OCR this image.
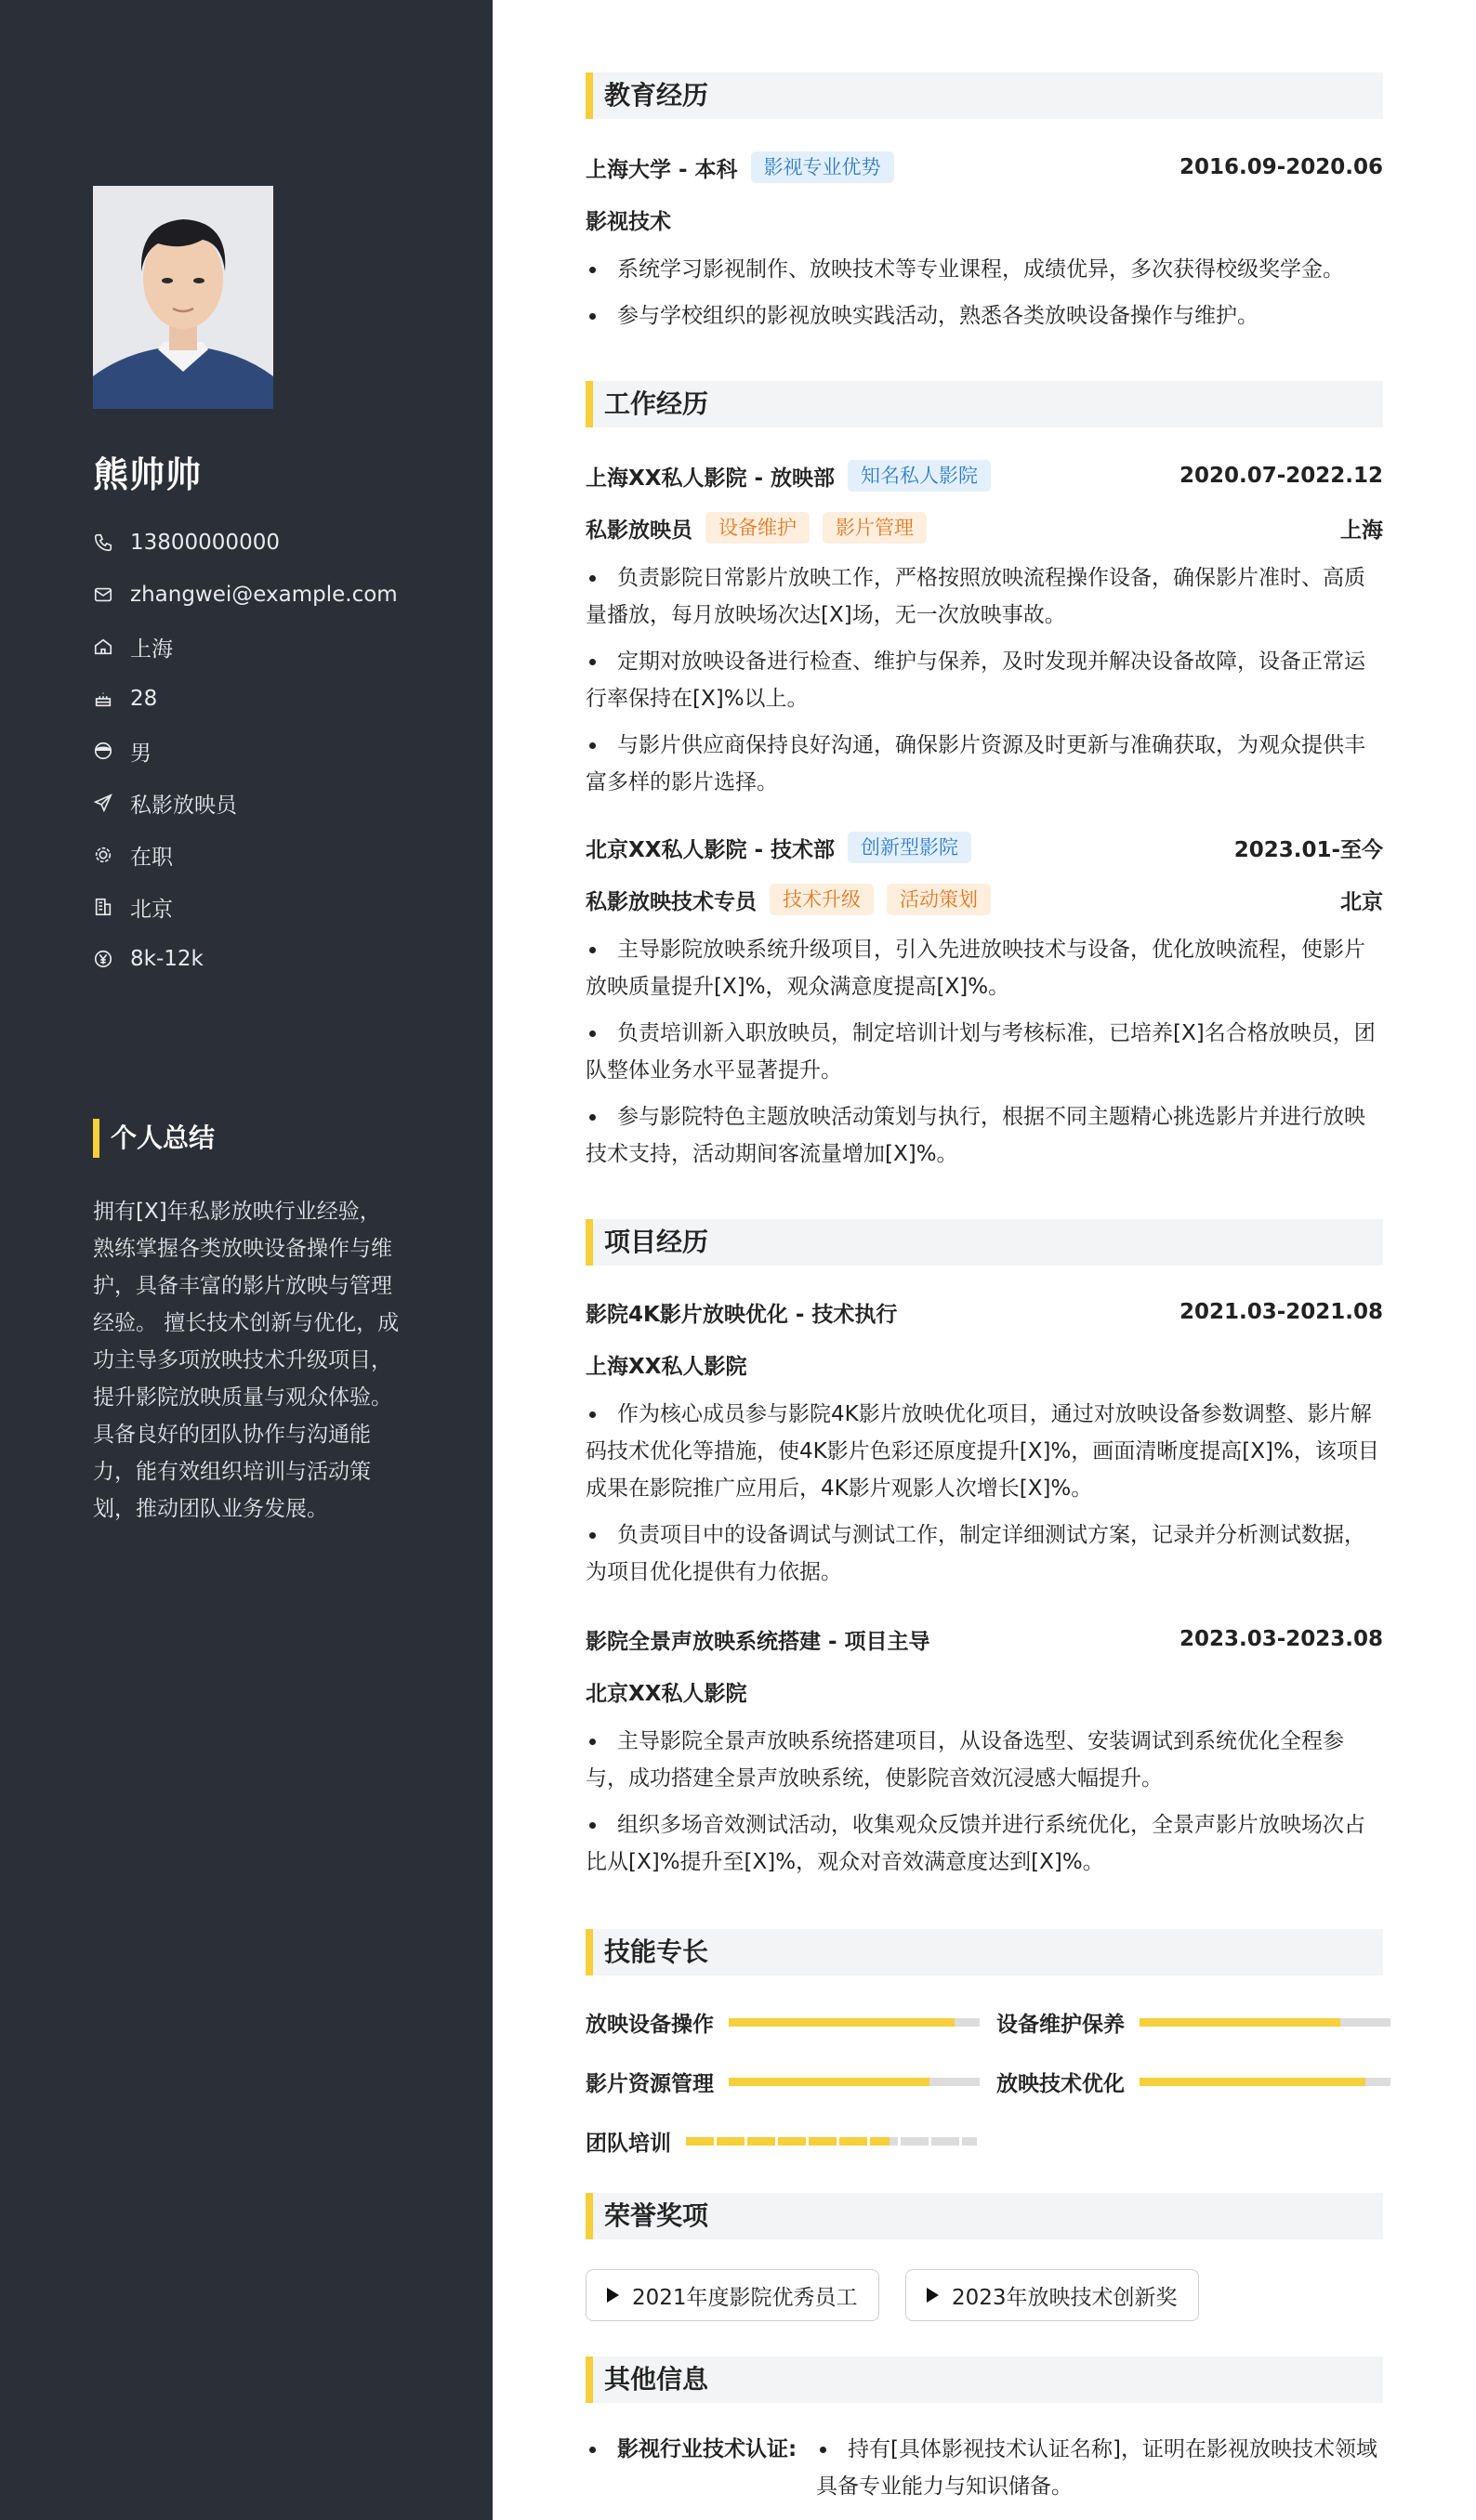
熊帅帅
13800000000
zhangwei@example.com
上海
28
男
私影放映员
在职
北京
8k-12k
个人总结
拥有[X]年私影放映行业经验，熟练掌握各类放映设备操作与维护，具备丰富的影片放映与管理经验。 擅长技术创新与优化，成功主导多项放映技术升级项目，提升影院放映质量与观众体验。 具备良好的团队协作与沟通能力，能有效组织培训与活动策划，推动团队业务发展。
教育经历
上海大学 - 本科	影视专业优势	2016.09-2020.06
影视技术
系统学习影视制作、放映技术等专业课程，成绩优异，多次获得校级奖学金。
参与学校组织的影视放映实践活动，熟悉各类放映设备操作与维护。
工作经历
上海XX私人影院 - 放映部	知名私人影院	2020.07-2022.12
私影放映员	设备维护	影片管理	上海
负责影院日常影片放映工作，严格按照放映流程操作设备，确保影片准时、高质量播放，每月放映场次达[X]场，无一次放映事故。
定期对放映设备进行检查、维护与保养，及时发现并解决设备故障，设备正常运行率保持在[X]%以上。
与影片供应商保持良好沟通，确保影片资源及时更新与准确获取，为观众提供丰富多样的影片选择。
北京XX私人影院 - 技术部	创新型影院	2023.01-至今
私影放映技术专员	技术升级	活动策划	北京
主导影院放映系统升级项目，引入先进放映技术与设备，优化放映流程，使影片放映质量提升[X]%，观众满意度提高[X]%。
负责培训新入职放映员，制定培训计划与考核标准，已培养[X]名合格放映员，团队整体业务水平显著提升。
参与影院特色主题放映活动策划与执行，根据不同主题精心挑选影片并进行放映技术支持，活动期间客流量增加[X]%。
项目经历
影院4K影片放映优化 - 技术执行	2021.03-2021.08
上海XX私人影院
作为核心成员参与影院4K影片放映优化项目，通过对放映设备参数调整、影片解码技术优化等措施，使4K影片色彩还原度提升[X]%，画面清晰度提高[X]%，该项目成果在影院推广应用后，4K影片观影人次增长[X]%。
负责项目中的设备调试与测试工作，制定详细测试方案，记录并分析测试数据，为项目优化提供有力依据。
影院全景声放映系统搭建 - 项目主导	2023.03-2023.08
北京XX私人影院
主导影院全景声放映系统搭建项目，从设备选型、安装调试到系统优化全程参与，成功搭建全景声放映系统，使影院音效沉浸感大幅提升。
组织多场音效测试活动，收集观众反馈并进行系统优化，全景声影片放映场次占比从[X]%提升至[X]%，观众对音效满意度达到[X]%。
技能专长
放映设备操作	设备维护保养
影片资源管理	放映技术优化
团队培训
荣誉奖项
2021年度影院优秀员工	2023年放映技术创新奖
其他信息
影视行业技术认证:	持有[具体影视技术认证名称]，证明在影视放映技术领域具备专业能力与知识储备。
